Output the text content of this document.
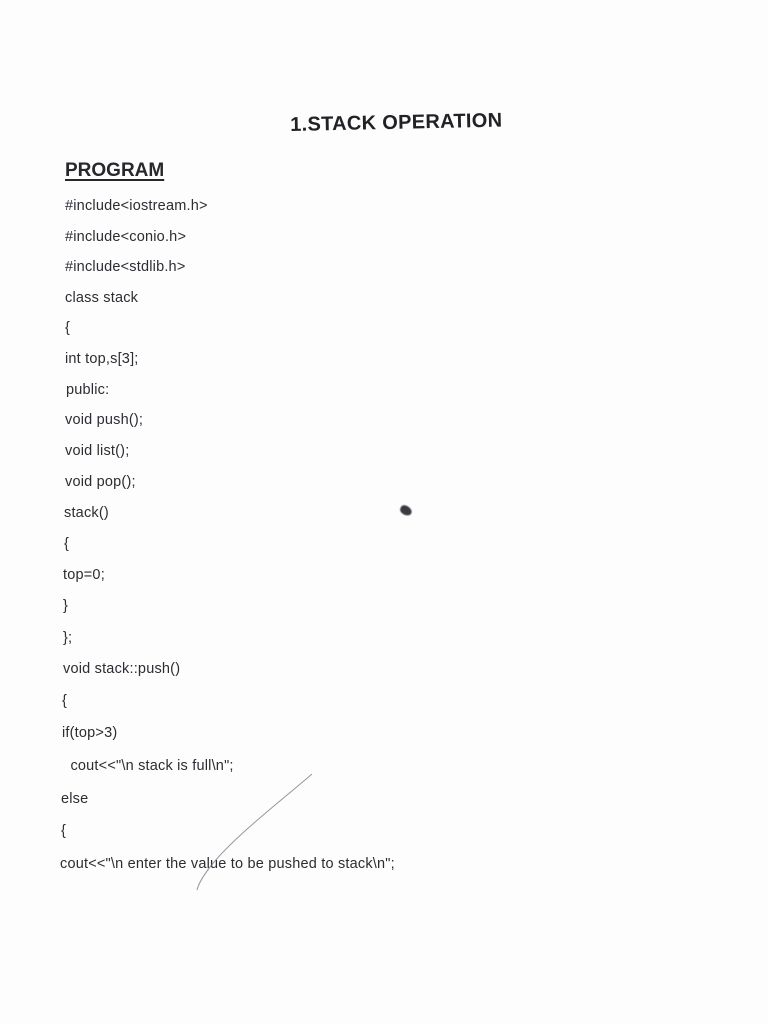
1.STACK OPERATION
PROGRAM
#include<iostream.h>
#include<conio.h>
#include<stdlib.h>
class stack
{
int top,s[3];
public:
void push();
void list();
void pop();
stack()
{
top=0;
}
};
void stack::push()
{
if(top>3)
cout<<"\n stack is full\n";
else
{
cout<<"\n enter the value to be pushed to stack\n";
